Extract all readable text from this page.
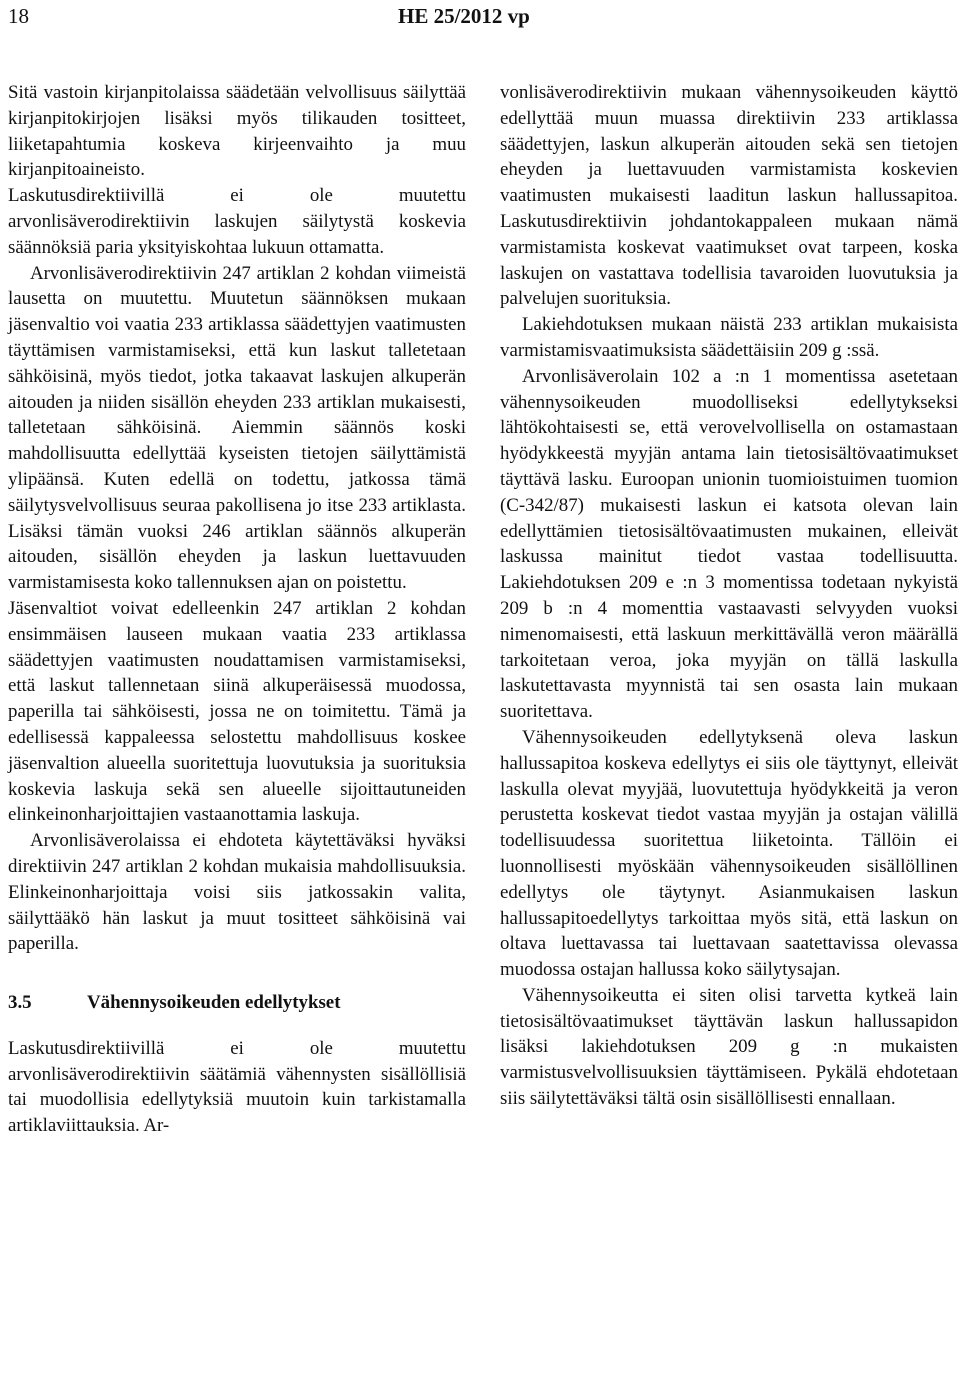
18	HE 25/2012 vp

Sitä vastoin kirjanpitolaissa säädetään velvollisuus säilyttää kirjanpitokirjojen lisäksi myös tilikauden tositteet, liiketapahtumia koskeva kirjeenvaihto ja muu kirjanpitoaineisto.

Laskutusdirektiivillä ei ole muutettu arvonlisäverodirektiivin laskujen säilytystä koskevia säännöksiä paria yksityiskohtaa lukuun ottamatta.

Arvonlisäverodirektiivin 247 artiklan 2 kohdan viimeistä lausetta on muutettu. Muutetun säännöksen mukaan jäsenvaltio voi vaatia 233 artiklassa säädettyjen vaatimusten täyttämisen varmistamiseksi, että kun laskut talletetaan sähköisinä, myös tiedot, jotka takaavat laskujen alkuperän aitouden ja niiden sisällön eheyden 233 artiklan mukaisesti, talletetaan sähköisinä. Aiemmin säännös koski mahdollisuutta edellyttää kyseisten tietojen säilyttämistä ylipäänsä. Kuten edellä on todettu, jatkossa tämä säilytysvelvollisuus seuraa pakollisena jo itse 233 artiklasta. Lisäksi tämän vuoksi 246 artiklan säännös alkuperän aitouden, sisällön eheyden ja laskun luettavuuden varmistamisesta koko tallennuksen ajan on poistettu.

Jäsenvaltiot voivat edelleenkin 247 artiklan 2 kohdan ensimmäisen lauseen mukaan vaatia 233 artiklassa säädettyjen vaatimusten noudattamisen varmistamiseksi, että laskut tallennetaan siinä alkuperäisessä muodossa, paperilla tai sähköisesti, jossa ne on toimitettu. Tämä ja edellisessä kappaleessa selostettu mahdollisuus koskee jäsenvaltion alueella suoritettuja luovutuksia ja suorituksia koskevia laskuja sekä sen alueelle sijoittautuneiden elinkeinonharjoittajien vastaanottamia laskuja.

Arvonlisäverolaissa ei ehdoteta käytettäväksi hyväksi direktiivin 247 artiklan 2 kohdan mukaisia mahdollisuuksia. Elinkeinonharjoittaja voisi siis jatkossakin valita, säilyttääkö hän laskut ja muut tositteet sähköisinä vai paperilla.

3.5	Vähennysoikeuden edellytykset

Laskutusdirektiivillä ei ole muutettu arvonlisäverodirektiivin säätämiä vähennysten sisällöllisiä tai muodollisia edellytyksiä muutoin kuin tarkistamalla artiklaviittauksia. Ar-

vonlisäverodirektiivin mukaan vähennysoikeuden käyttö edellyttää muun muassa direktiivin 233 artiklassa säädettyjen, laskun alkuperän aitouden sekä sen tietojen eheyden ja luettavuuden varmistamista koskevien vaatimusten mukaisesti laaditun laskun hallussapitoa. Laskutusdirektiivin johdantokappaleen mukaan nämä varmistamista koskevat vaatimukset ovat tarpeen, koska laskujen on vastattava todellisia tavaroiden luovutuksia ja palvelujen suorituksia.

Lakiehdotuksen mukaan näistä 233 artiklan mukaisista varmistamisvaatimuksista säädettäisiin 209 g :ssä.

Arvonlisäverolain 102 a :n 1 momentissa asetetaan vähennysoikeuden muodolliseksi edellytykseksi lähtökohtaisesti se, että verovelvollisella on ostamastaan hyödykkeestä myyjän antama lain tietosisältövaatimukset täyttävä lasku. Euroopan unionin tuomioistuimen tuomion (C-342/87) mukaisesti laskun ei katsota olevan lain edellyttämien tietosisältövaatimusten mukainen, elleivät laskussa mainitut tiedot vastaa todellisuutta. Lakiehdotuksen 209 e :n 3 momentissa todetaan nykyistä 209 b :n 4 momenttia vastaavasti selvyyden vuoksi nimenomaisesti, että laskuun merkittävällä veron määrällä tarkoitetaan veroa, joka myyjän on tällä laskulla laskutettavasta myynnistä tai sen osasta lain mukaan suoritettava.

Vähennysoikeuden edellytyksenä oleva laskun hallussapitoa koskeva edellytys ei siis ole täyttynyt, elleivät laskulla olevat myyjää, luovutettuja hyödykkeitä ja veron perustetta koskevat tiedot vastaa myyjän ja ostajan välillä todellisuudessa suoritettua liiketointa. Tällöin ei luonnollisesti myöskään vähennysoikeuden sisällöllinen edellytys ole täytynyt. Asianmukaisen laskun hallussapitoedellytys tarkoittaa myös sitä, että laskun on oltava luettavassa tai luettavaan saatettavissa olevassa muodossa ostajan hallussa koko säilytysajan.

Vähennysoikeutta ei siten olisi tarvetta kytkeä lain tietosisältövaatimukset täyttävän laskun hallussapidon lisäksi lakiehdotuksen 209 g :n mukaisten varmistusvelvollisuuksien täyttämiseen. Pykälä ehdotetaan siis säilytettäväksi tältä osin sisällöllisesti ennallaan.
